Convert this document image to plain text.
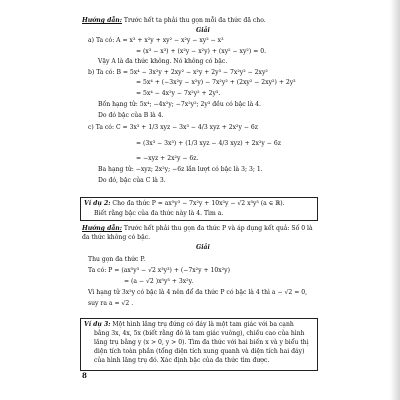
Hướng dẫn: Trước hết ta phải thu gọn mỗi đa thức đã cho.
Giải
a) Ta có: A = x³ + x²y + xy² − x²y − xy² − x³
= (x³ − x³) + (x²y − x²y) + (xy² − xy²) = 0.
Vậy A là đa thức không. Nó không có bậc.
b) Ta có: B = 5x⁴ − 3x²y + 2xy² − x²y + 2y³ − 7x²y² − 2xy²
= 5x⁴ + (−3x²y − x²y) − 7x²y² + (2xy² − 2xy²) + 2y³
= 5x⁴ − 4x²y − 7x²y² + 2y³.
Bốn hạng tử: 5x⁴; −4x²y; −7x²y²; 2y³ đều có bậc là 4.
Do đó bậc của B là 4.
c) Ta có: C = 3x³ + 1/3 xyz − 3x³ − 4/3 xyz + 2x²y − 6z
= (3x³ − 3x³) + (1/3 xyz − 4/3 xyz) + 2x²y − 6z
= −xyz + 2x²y − 6z.
Ba hạng tử: −xyz; 2x²y; −6z lần lượt có bậc là 3; 3; 1.
Do đó, bậc của C là 3.
Ví dụ 2: Cho đa thức P = ax⁵y³ − 7x²y + 10x³y − √2 x³y³ (a ∈ ℝ).
Biết rằng bậc của đa thức này là 4. Tìm a.
Hướng dẫn: Trước hết phải thu gọn đa thức P và áp dụng kết quả: Số 0 là
đa thức không có bậc.
Giải
Thu gọn đa thức P.
Ta có: P = (ax⁵y³ − √2 x³y³) + (−7x²y + 10x²y)
= (a − √2 )x⁵y³ + 3x²y.
Vì hạng tử 3x²y có bậc là 4 nên để đa thức P có bậc là 4 thì a − √2 = 0,
suy ra a = √2 .
Ví dụ 3: Một hình lăng trụ đứng có đáy là một tam giác với ba cạnh
bằng 3x, 4x, 5x (biết rằng đó là tam giác vuông), chiều cao của hình
lăng trụ bằng y (x > 0, y > 0). Tìm đa thức với hai biến x và y biểu thị
diện tích toàn phần (tổng diện tích xung quanh và diện tích hai đáy)
của hình lăng trụ đó. Xác định bậc của đa thức tìm được.
8
